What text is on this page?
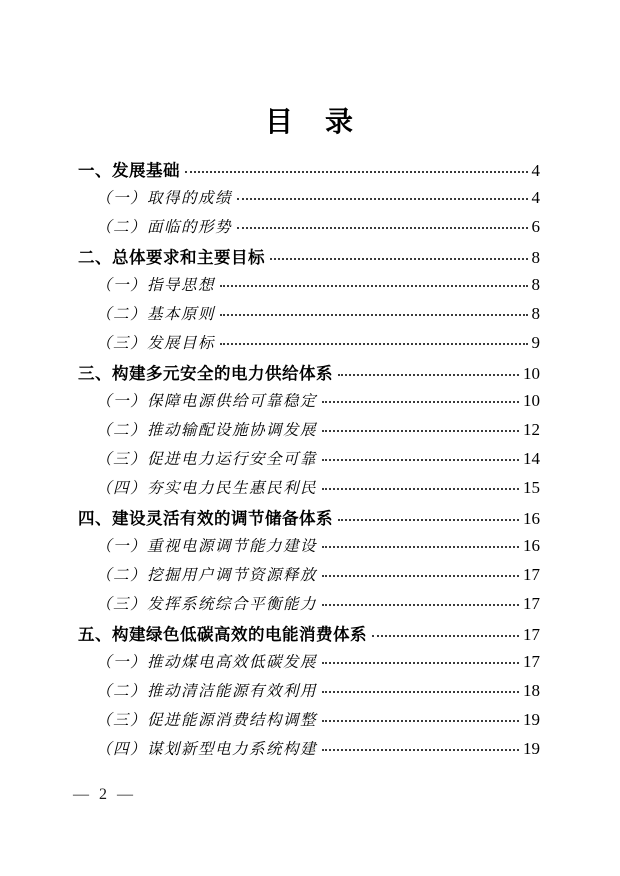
目　录
一、发展基础	4
（一）取得的成绩	4
（二）面临的形势	6
二、总体要求和主要目标	8
（一）指导思想	8
（二）基本原则	8
（三）发展目标	9
三、构建多元安全的电力供给体系	10
（一）保障电源供给可靠稳定	10
（二）推动输配设施协调发展	12
（三）促进电力运行安全可靠	14
（四）夯实电力民生惠民利民	15
四、建设灵活有效的调节储备体系	16
（一）重视电源调节能力建设	16
（二）挖掘用户调节资源释放	17
（三）发挥系统综合平衡能力	17
五、构建绿色低碳高效的电能消费体系	17
（一）推动煤电高效低碳发展	17
（二）推动清洁能源有效利用	18
（三）促进能源消费结构调整	19
（四）谋划新型电力系统构建	19
— 2 —
